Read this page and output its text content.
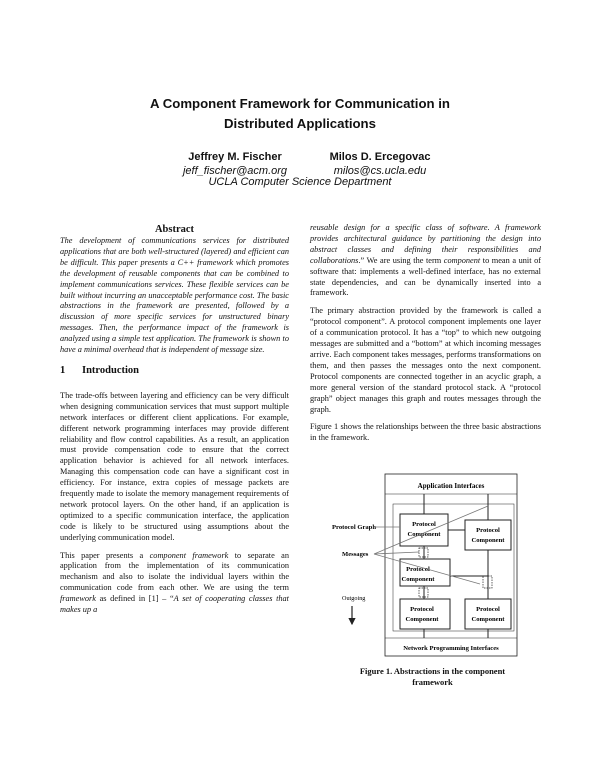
A Component Framework for Communication in
Distributed Applications
Jeffrey M. Fischer
jeff_fischer@acm.org
Milos D. Ercegovac
milos@cs.ucla.edu
UCLA Computer Science Department
Abstract

The development of communications services for distributed applications that are both well-structured (layered) and efficient can be difficult. This paper presents a C++ framework which promotes the development of reusable components that can be combined to implement communications services. These flexible services can be built without incurring an unacceptable performance cost. The basic abstractions in the framework are presented, followed by a discussion of more specific services for unstructured binary messages. Then, the performance impact of the framework is analyzed using a simple test application. The framework is shown to have a minimal overhead that is independent of message size.

1 Introduction

The trade-offs between layering and efficiency can be very difficult when designing communication services that must support multiple network interfaces or different client applications. For example, different network programming interfaces may provide different reliability and flow control capabilities. As a result, an application must provide compensation code to ensure that the correct application behavior is achieved for all network interfaces. Managing this compensation code can have a significant cost in efficiency. For instance, extra copies of message packets are frequently made to isolate the memory management requirements of network protocol layers. On the other hand, if an application is optimized to a specific communication interface, the application code is likely to be structured using assumptions about the underlying communication model.

This paper presents a component framework to separate an application from the implementation of its communication mechanism and also to isolate the individual layers within the communication code from each other. We are using the term framework as defined in [1] – “A set of cooperating classes that makes up a

reusable design for a specific class of software. A framework provides architectural guidance by partitioning the design into abstract classes and defining their responsibilities and collaborations.” We are using the term component to mean a unit of software that: implements a well-defined interface, has no external state dependencies, and can be dynamically inserted into a framework.

The primary abstraction provided by the framework is called a “protocol component”. A protocol component implements one layer of a communication protocol. It has a “top” to which new outgoing messages are submitted and a “bottom” at which incoming messages arrive. Each component takes messages, performs transformations on them, and then passes the messages onto the next component. Protocol components are connected together in an acyclic graph, a more general version of the standard protocol stack. A “protocol graph” object manages this graph and routes messages through the graph.

Figure 1 shows the relationships between the three basic abstractions in the framework.

Application Interfaces
Network Programming Interfaces
Protocol
Component
Protocol
Component
Protocol
Component
Protocol
Component
Protocol
Component
Protocol Graph
Messages
Outgoing
Figure 1. Abstractions in the component
framework
